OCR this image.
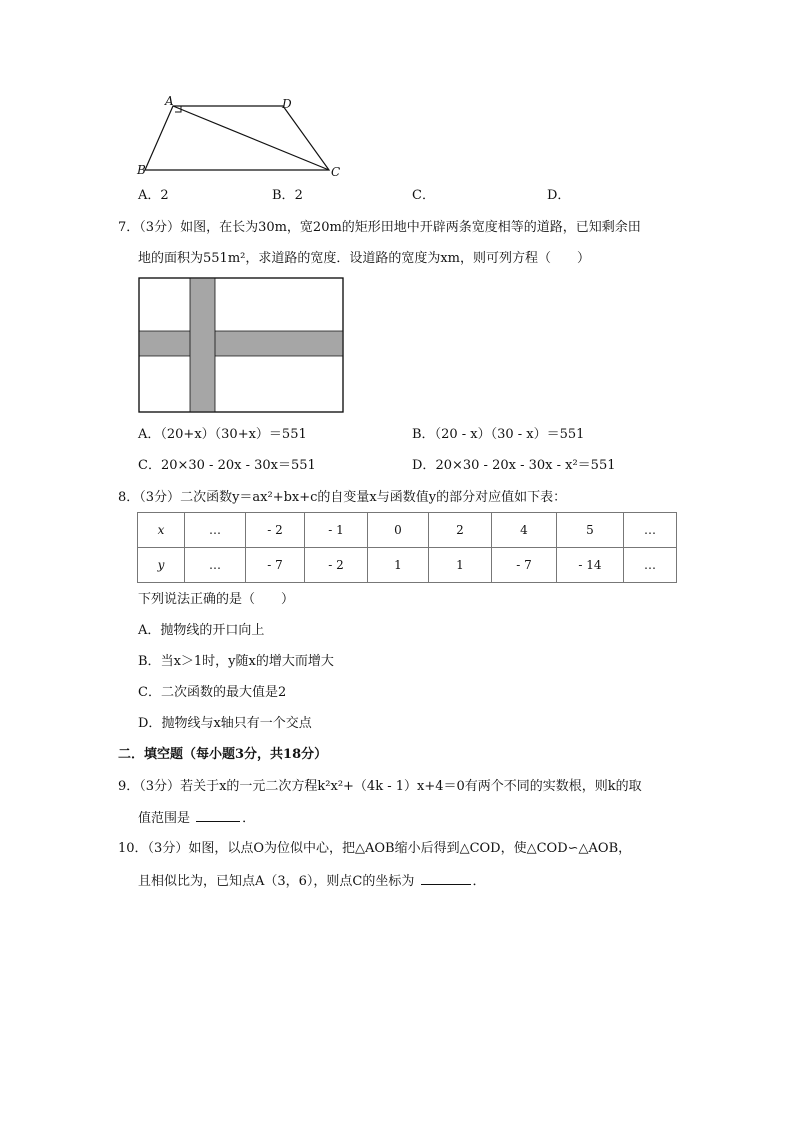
A	D
B	C
A．2	B．2	C．	D．
7．（3分）如图，在长为30m，宽20m的矩形田地中开辟两条宽度相等的道路，已知剩余田
地的面积为551m²，求道路的宽度．设道路的宽度为xm，则可列方程（　　）
A．（20+x）（30+x）＝551	B．（20 - x）（30 - x）＝551
C．20×30 - 20x - 30x＝551	D．20×30 - 20x - 30x - x²＝551
8．（3分）二次函数y＝ax²+bx+c的自变量x与函数值y的部分对应值如下表：
x	…	- 2	- 1	0	2	4	5	…
y	…	- 7	- 2	1	1	- 7	- 14	…
下列说法正确的是（　　）
A．抛物线的开口向上
B．当x＞1时，y随x的增大而增大
C．二次函数的最大值是2
D．抛物线与x轴只有一个交点
二．填空题（每小题3分，共18分）
9．（3分）若关于x的一元二次方程k²x²+（4k - 1）x+4＝0有两个不同的实数根，则k的取
值范围是	．
10．（3分）如图，以点O为位似中心，把△AOB缩小后得到△COD，使△COD∽△AOB，
且相似比为，已知点A（3，6），则点C的坐标为	．
